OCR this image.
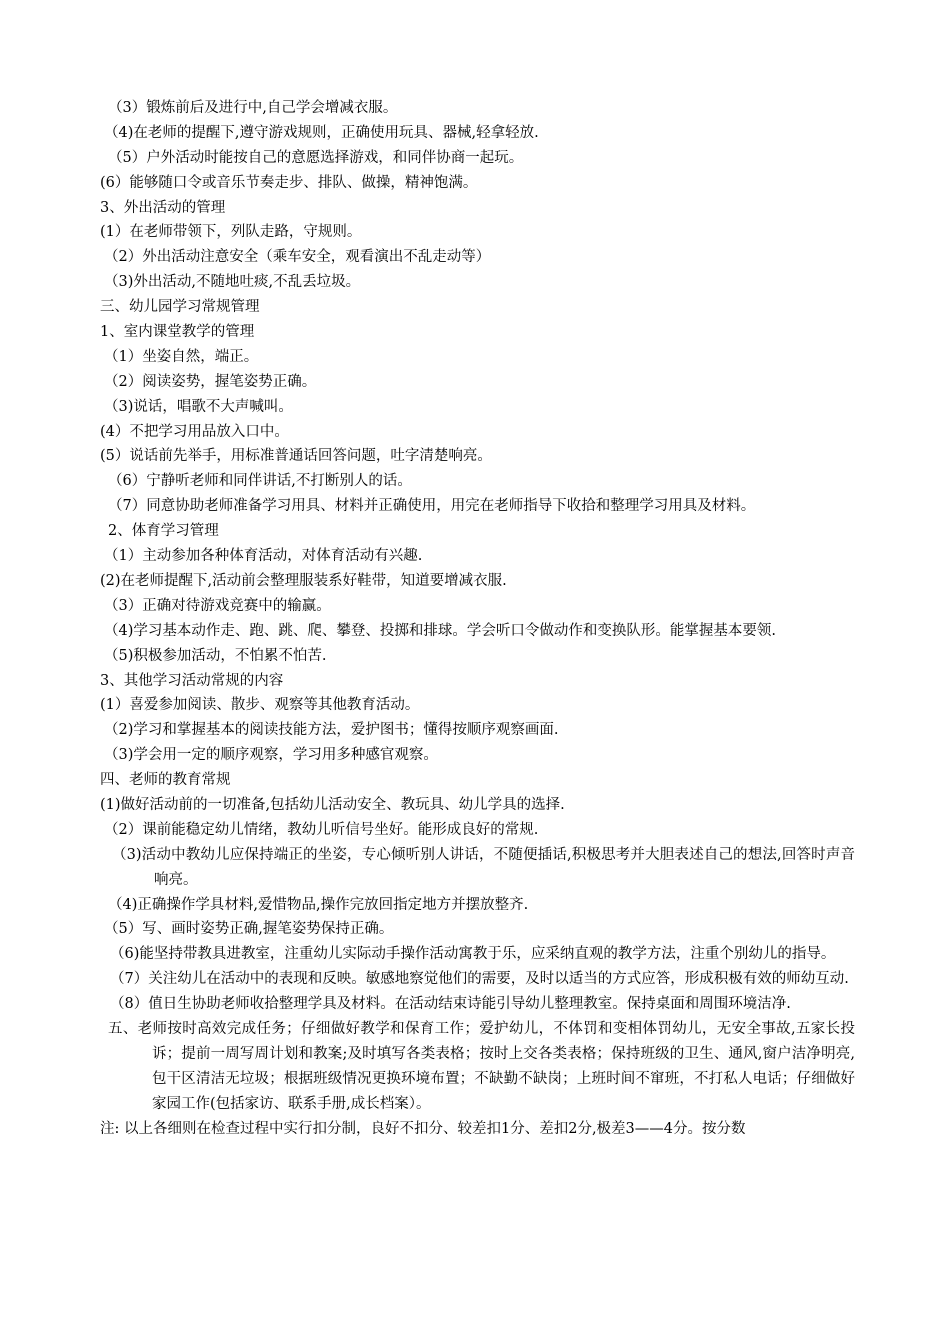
（3）锻炼前后及进行中,自己学会增减衣服。
（4)在老师的提醒下,遵守游戏规则，正确使用玩具、器械,轻拿轻放.
（5）户外活动时能按自己的意愿选择游戏，和同伴协商一起玩。
(6）能够随口令或音乐节奏走步、排队、做操，精神饱满。
3、外出活动的管理
(1）在老师带领下，列队走路，守规则。
（2）外出活动注意安全（乘车安全，观看演出不乱走动等）
（3)外出活动,不随地吐痰,不乱丢垃圾。
三、幼儿园学习常规管理
1、室内课堂教学的管理
（1）坐姿自然，端正。
（2）阅读姿势，握笔姿势正确。
（3)说话，唱歌不大声喊叫。
(4）不把学习用品放入口中。
(5）说话前先举手，用标准普通话回答问题，吐字清楚响亮。
（6）宁静听老师和同伴讲话,不打断别人的话。
（7）同意协助老师准备学习用具、材料并正确使用，用完在老师指导下收拾和整理学习用具及材料。
2、体育学习管理
（1）主动参加各种体育活动，对体育活动有兴趣.
(2)在老师提醒下,活动前会整理服装系好鞋带，知道要增减衣服.
（3）正确对待游戏竞赛中的输赢。
（4)学习基本动作走、跑、跳、爬、攀登、投掷和排球。学会听口令做动作和变换队形。能掌握基本要领.
（5)积极参加活动，不怕累不怕苦.
3、其他学习活动常规的内容
(1）喜爱参加阅读、散步、观察等其他教育活动。
（2)学习和掌握基本的阅读技能方法，爱护图书；懂得按顺序观察画面.
（3)学会用一定的顺序观察，学习用多种感官观察。
四、老师的教育常规
(1)做好活动前的一切准备,包括幼儿活动安全、教玩具、幼儿学具的选择.
（2）课前能稳定幼儿情绪，教幼儿听信号坐好。能形成良好的常规.
（3)活动中教幼儿应保持端正的坐姿，专心倾听别人讲话，不随便插话,积极思考并大胆表述自己的想法,回答时声音响亮。
（4)正确操作学具材料,爱惜物品,操作完放回指定地方并摆放整齐.
（5）写、画时姿势正确,握笔姿势保持正确。
（6)能坚持带教具进教室，注重幼儿实际动手操作活动寓教于乐，应采纳直观的教学方法，注重个别幼儿的指导。
（7）关注幼儿在活动中的表现和反映。敏感地察觉他们的需要，及时以适当的方式应答，形成积极有效的师幼互动.
（8）值日生协助老师收拾整理学具及材料。在活动结束诗能引导幼儿整理教室。保持桌面和周围环境洁净.
五、老师按时高效完成任务；仔细做好教学和保育工作；爱护幼儿，不体罚和变相体罚幼儿，无安全事故,五家长投诉；提前一周写周计划和教案;及时填写各类表格；按时上交各类表格；保持班级的卫生、通风,窗户洁净明亮,包干区清洁无垃圾；根据班级情况更换环境布置；不缺勤不缺岗；上班时间不窜班，不打私人电话；仔细做好家园工作(包括家访、联系手册,成长档案）。
注: 以上各细则在检查过程中实行扣分制，良好不扣分、较差扣1分、差扣2分,极差3——4分。按分数
